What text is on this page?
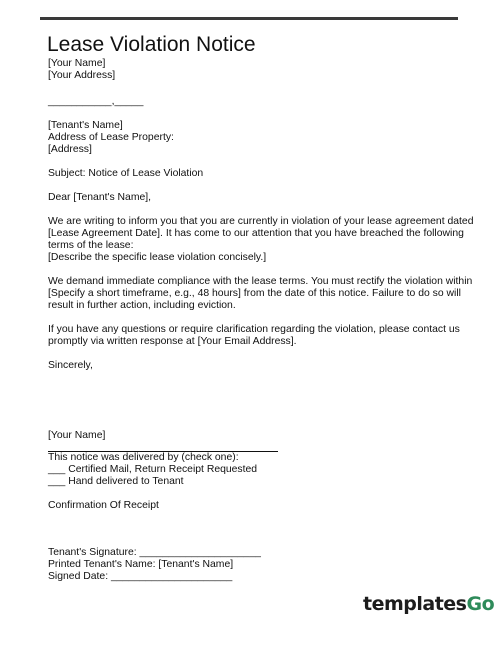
Lease Violation Notice
[Your Name]
[Your Address]
___________,_____
[Tenant's Name]
Address of Lease Property:
[Address]
Subject: Notice of Lease Violation
Dear [Tenant's Name],
We are writing to inform you that you are currently in violation of your lease agreement dated
[Lease Agreement Date]. It has come to our attention that you have breached the following
terms of the lease:
[Describe the specific lease violation concisely.]
We demand immediate compliance with the lease terms. You must rectify the violation within
[Specify a short timeframe, e.g., 48 hours] from the date of this notice. Failure to do so will
result in further action, including eviction.
If you have any questions or require clarification regarding the violation, please contact us
promptly via written response at [Your Email Address].
Sincerely,
[Your Name]
This notice was delivered by (check one):
___ Certified Mail, Return Receipt Requested
___ Hand delivered to Tenant
Confirmation Of Receipt
Tenant's Signature: _____________________
Printed Tenant's Name: [Tenant's Name]
Signed Date: _____________________
templatesGo
